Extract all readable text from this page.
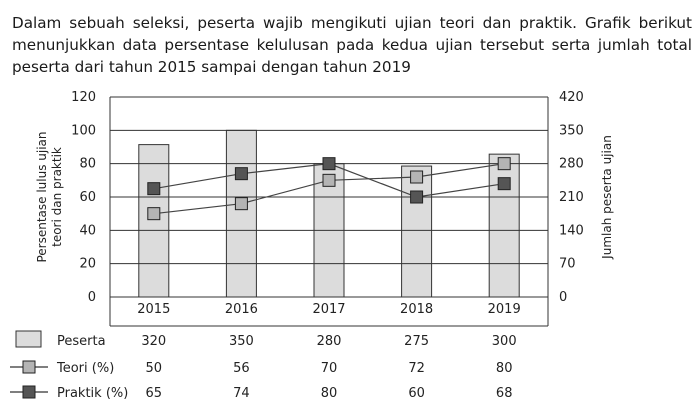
Dalam sebuah seleksi, peserta wajib mengikuti ujian teori dan praktik. Grafik berikut menunjukkan data persentase kelulusan pada kedua ujian tersebut serta jumlah total peserta dari tahun 2015 sampai dengan tahun 2019

0
20
40
60
80
100
120
0
70
140
210
280
350
420
Persentase lulus ujian teori dan praktik	Jumlah peserta ujian
2015	2016	2017	2018	2019
Peserta	320	350	280	275	300
Teori (%) 50	56	70	72	80
Praktik (%) 65	74	80	60	68
